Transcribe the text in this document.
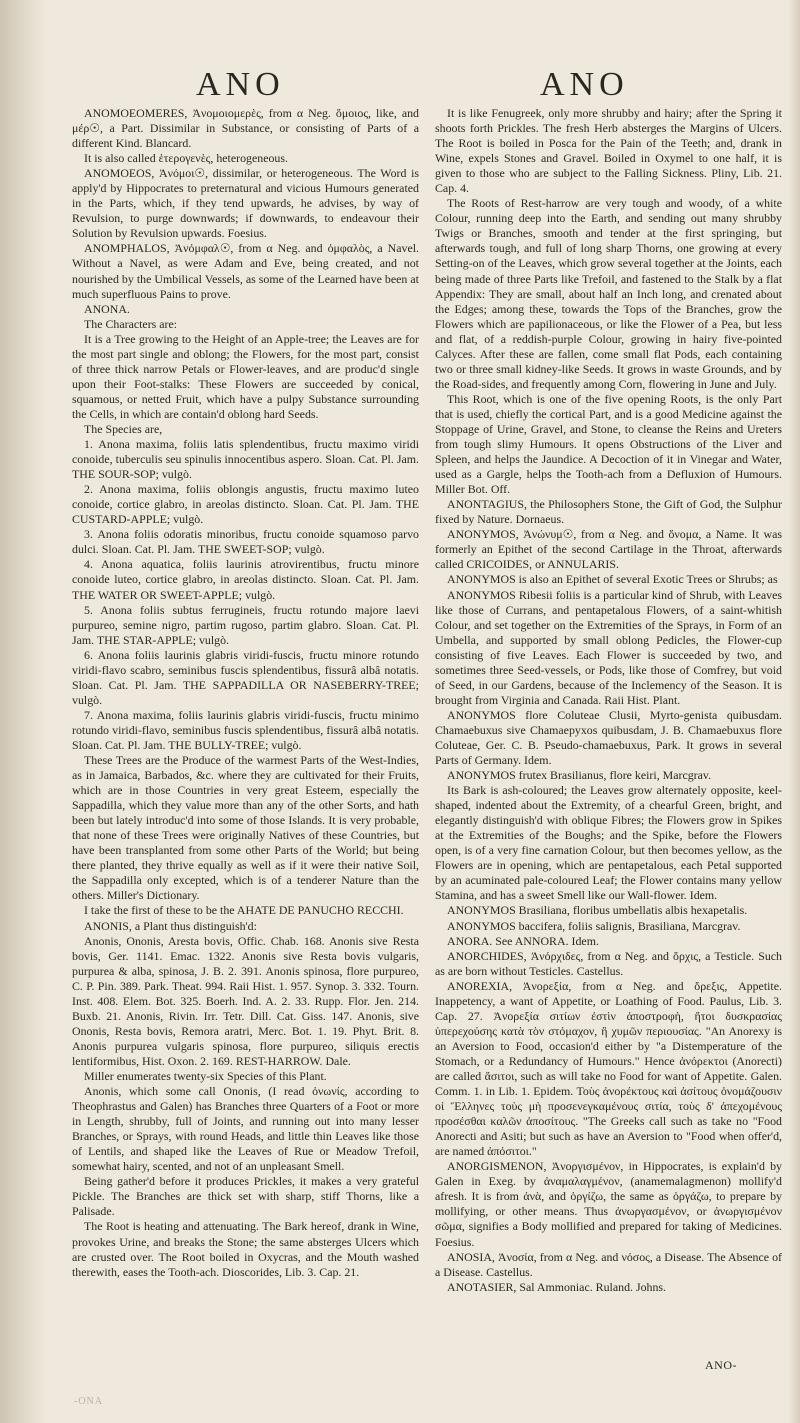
ANO	ANO

ANOMOEOMERES, Ἀνομοιομερὲς, from α Neg. ὅμοιος, like, and μέρ☉, a Part. Dissimilar in Substance, or consisting of Parts of a different Kind. Blancard.

It is also called ἑτερογενὲς, heterogeneous.

ANOMOEOS, Ἀνόμοι☉, dissimilar, or heterogeneous. The Word is apply'd by Hippocrates to preternatural and vicious Humours generated in the Parts, which, if they tend upwards, he advises, by way of Revulsion, to purge downwards; if downwards, to endeavour their Solution by Revulsion upwards. Foesius.

ANOMPHALOS, Ἀνόμφαλ☉, from α Neg. and ὀμφαλὸς, a Navel. Without a Navel, as were Adam and Eve, being created, and not nourished by the Umbilical Vessels, as some of the Learned have been at much superfluous Pains to prove.

ANONA.

The Characters are:

It is a Tree growing to the Height of an Apple-tree; the Leaves are for the most part single and oblong; the Flowers, for the most part, consist of three thick narrow Petals or Flower-leaves, and are produc'd single upon their Foot-stalks: These Flowers are succeeded by conical, squamous, or netted Fruit, which have a pulpy Substance surrounding the Cells, in which are contain'd oblong hard Seeds.

The Species are,

1. Anona maxima, foliis latis splendentibus, fructu maximo viridi conoide, tuberculis seu spinulis innocentibus aspero. Sloan. Cat. Pl. Jam. THE SOUR-SOP; vulgò.

2. Anona maxima, foliis oblongis angustis, fructu maximo luteo conoide, cortice glabro, in areolas distincto. Sloan. Cat. Pl. Jam. THE CUSTARD-APPLE; vulgò.

3. Anona foliis odoratis minoribus, fructu conoide squamoso parvo dulci. Sloan. Cat. Pl. Jam. THE SWEET-SOP; vulgò.

4. Anona aquatica, foliis laurinis atrovirentibus, fructu minore conoide luteo, cortice glabro, in areolas distincto. Sloan. Cat. Pl. Jam. THE WATER OR SWEET-APPLE; vulgò.

5. Anona foliis subtus ferrugineis, fructu rotundo majore laevi purpureo, semine nigro, partim rugoso, partim glabro. Sloan. Cat. Pl. Jam. THE STAR-APPLE; vulgò.

6. Anona foliis laurinis glabris viridi-fuscis, fructu minore rotundo viridi-flavo scabro, seminibus fuscis splendentibus, fissurâ albâ notatis. Sloan. Cat. Pl. Jam. THE SAPPADILLA OR NASEBERRY-TREE; vulgò.

7. Anona maxima, foliis laurinis glabris viridi-fuscis, fructu minimo rotundo viridi-flavo, seminibus fuscis splendentibus, fissurâ albâ notatis. Sloan. Cat. Pl. Jam. THE BULLY-TREE; vulgò.

These Trees are the Produce of the warmest Parts of the West-Indies, as in Jamaica, Barbados, &c. where they are cultivated for their Fruits, which are in those Countries in very great Esteem, especially the Sappadilla, which they value more than any of the other Sorts, and hath been but lately introduc'd into some of those Islands. It is very probable, that none of these Trees were originally Natives of these Countries, but have been transplanted from some other Parts of the World; but being there planted, they thrive equally as well as if it were their native Soil, the Sappadilla only excepted, which is of a tenderer Nature than the others. Miller's Dictionary.

I take the first of these to be the AHATE DE PANUCHO RECCHI.

ANONIS, a Plant thus distinguish'd:

Anonis, Ononis, Aresta bovis, Offic. Chab. 168. Anonis sive Resta bovis, Ger. 1141. Emac. 1322. Anonis sive Resta bovis vulgaris, purpurea & alba, spinosa, J. B. 2. 391. Anonis spinosa, flore purpureo, C. P. Pin. 389. Park. Theat. 994. Raii Hist. 1. 957. Synop. 3. 332. Tourn. Inst. 408. Elem. Bot. 325. Boerh. Ind. A. 2. 33. Rupp. Flor. Jen. 214. Buxb. 21. Anonis, Rivin. Irr. Tetr. Dill. Cat. Giss. 147. Anonis, sive Ononis, Resta bovis, Remora aratri, Merc. Bot. 1. 19. Phyt. Brit. 8. Anonis purpurea vulgaris spinosa, flore purpureo, siliquis erectis lentiformibus, Hist. Oxon. 2. 169. REST-HARROW. Dale.

Miller enumerates twenty-six Species of this Plant.

Anonis, which some call Ononis, (I read ὀνωνίς, according to Theophrastus and Galen) has Branches three Quarters of a Foot or more in Length, shrubby, full of Joints, and running out into many lesser Branches, or Sprays, with round Heads, and little thin Leaves like those of Lentils, and shaped like the Leaves of Rue or Meadow Trefoil, somewhat hairy, scented, and not of an unpleasant Smell.

Being gather'd before it produces Prickles, it makes a very grateful Pickle. The Branches are thick set with sharp, stiff Thorns, like a Palisade.

The Root is heating and attenuating. The Bark hereof, drank in Wine, provokes Urine, and breaks the Stone; the same absterges Ulcers which are crusted over. The Root boiled in Oxycras, and the Mouth washed therewith, eases the Tooth-ach. Dioscorides, Lib. 3. Cap. 21.

It is like Fenugreek, only more shrubby and hairy; after the Spring it shoots forth Prickles. The fresh Herb absterges the Margins of Ulcers. The Root is boiled in Posca for the Pain of the Teeth; and, drank in Wine, expels Stones and Gravel. Boiled in Oxymel to one half, it is given to those who are subject to the Falling Sickness. Pliny, Lib. 21. Cap. 4.

The Roots of Rest-harrow are very tough and woody, of a white Colour, running deep into the Earth, and sending out many shrubby Twigs or Branches, smooth and tender at the first springing, but afterwards tough, and full of long sharp Thorns, one growing at every Setting-on of the Leaves, which grow several together at the Joints, each being made of three Parts like Trefoil, and fastened to the Stalk by a flat Appendix: They are small, about half an Inch long, and crenated about the Edges; among these, towards the Tops of the Branches, grow the Flowers which are papilionaceous, or like the Flower of a Pea, but less and flat, of a reddish-purple Colour, growing in hairy five-pointed Calyces. After these are fallen, come small flat Pods, each containing two or three small kidney-like Seeds. It grows in waste Grounds, and by the Road-sides, and frequently among Corn, flowering in June and July.

This Root, which is one of the five opening Roots, is the only Part that is used, chiefly the cortical Part, and is a good Medicine against the Stoppage of Urine, Gravel, and Stone, to cleanse the Reins and Ureters from tough slimy Humours. It opens Obstructions of the Liver and Spleen, and helps the Jaundice. A Decoction of it in Vinegar and Water, used as a Gargle, helps the Tooth-ach from a Defluxion of Humours. Miller Bot. Off.

ANONTAGIUS, the Philosophers Stone, the Gift of God, the Sulphur fixed by Nature. Dornaeus.

ANONYMOS, Ἀνώνυμ☉, from α Neg. and ὄνομα, a Name. It was formerly an Epithet of the second Cartilage in the Throat, afterwards called CRICOIDES, or ANNULARIS.

ANONYMOS is also an Epithet of several Exotic Trees or Shrubs; as

ANONYMOS Ribesii foliis is a particular kind of Shrub, with Leaves like those of Currans, and pentapetalous Flowers, of a saint-whitish Colour, and set together on the Extremities of the Sprays, in Form of an Umbella, and supported by small oblong Pedicles, the Flower-cup consisting of five Leaves. Each Flower is succeeded by two, and sometimes three Seed-vessels, or Pods, like those of Comfrey, but void of Seed, in our Gardens, because of the Inclemency of the Season. It is brought from Virginia and Canada. Raii Hist. Plant.

ANONYMOS flore Coluteae Clusii, Myrto-genista quibusdam. Chamaebuxus sive Chamaepyxos quibusdam, J. B. Chamaebuxus flore Coluteae, Ger. C. B. Pseudo-chamaebuxus, Park. It grows in several Parts of Germany. Idem.

ANONYMOS frutex Brasilianus, flore keiri, Marcgrav.

Its Bark is ash-coloured; the Leaves grow alternately opposite, keel-shaped, indented about the Extremity, of a chearful Green, bright, and elegantly distinguish'd with oblique Fibres; the Flowers grow in Spikes at the Extremities of the Boughs; and the Spike, before the Flowers open, is of a very fine carnation Colour, but then becomes yellow, as the Flowers are in opening, which are pentapetalous, each Petal supported by an acuminated pale-coloured Leaf; the Flower contains many yellow Stamina, and has a sweet Smell like our Wall-flower. Idem.

ANONYMOS Brasiliana, floribus umbellatis albis hexapetalis.

ANONYMOS baccifera, foliis salignis, Brasiliana, Marcgrav.

ANORA. See ANNORA. Idem.

ANORCHIDES, Ἀνόρχιδες, from α Neg. and ὄρχις, a Testicle. Such as are born without Testicles. Castellus.

ANOREXIA, Ἀνορεξία, from α Neg. and ὄρεξις, Appetite. Inappetency, a want of Appetite, or Loathing of Food. Paulus, Lib. 3. Cap. 27. Ἀνορεξία σιτίων ἐστὶν ἀποστροφὴ, ἤτοι δυσκρασίας ὑπερεχούσης κατὰ τὸν στόμαχον, ἢ χυμῶν περιουσίας. "An Anorexy is an Aversion to Food, occasion'd either by "a Distemperature of the Stomach, or a Redundancy of Humours." Hence ἀνόρεκτοι (Anorecti) are called ἄσιτοι, such as will take no Food for want of Appetite. Galen. Comm. 1. in Lib. 1. Epidem. Τοὺς ἀνορέκτους καὶ ἀσίτους ὀνομάζουσιν οἱ Ἕλληνες τοὺς μὴ προσενεγκαμένους σιτία, τοὺς δ' ἀπεχομένους προσέσθαι καλῶν ἀποσίτους. "The Greeks call such as take no "Food Anorecti and Asiti; but such as have an Aversion to "Food when offer'd, are named ἀπόσιτοι."

ANORGISMENON, Ἀνοργισμένον, in Hippocrates, is explain'd by Galen in Exeg. by ἀναμαλαγμένον, (anamemalagmenon) mollify'd afresh. It is from ἀνὰ, and ὀργίζω, the same as ὀργάζω, to prepare by mollifying, or other means. Thus ἀνωργασμένον, or ἀνωργισμένον σῶμα, signifies a Body mollified and prepared for taking of Medicines. Foesius.

ANOSIA, Ἀνοσία, from α Neg. and νόσος, a Disease. The Absence of a Disease. Castellus.

ANOTASIER, Sal Ammoniac. Ruland. Johns.

ANO-
-ONA
